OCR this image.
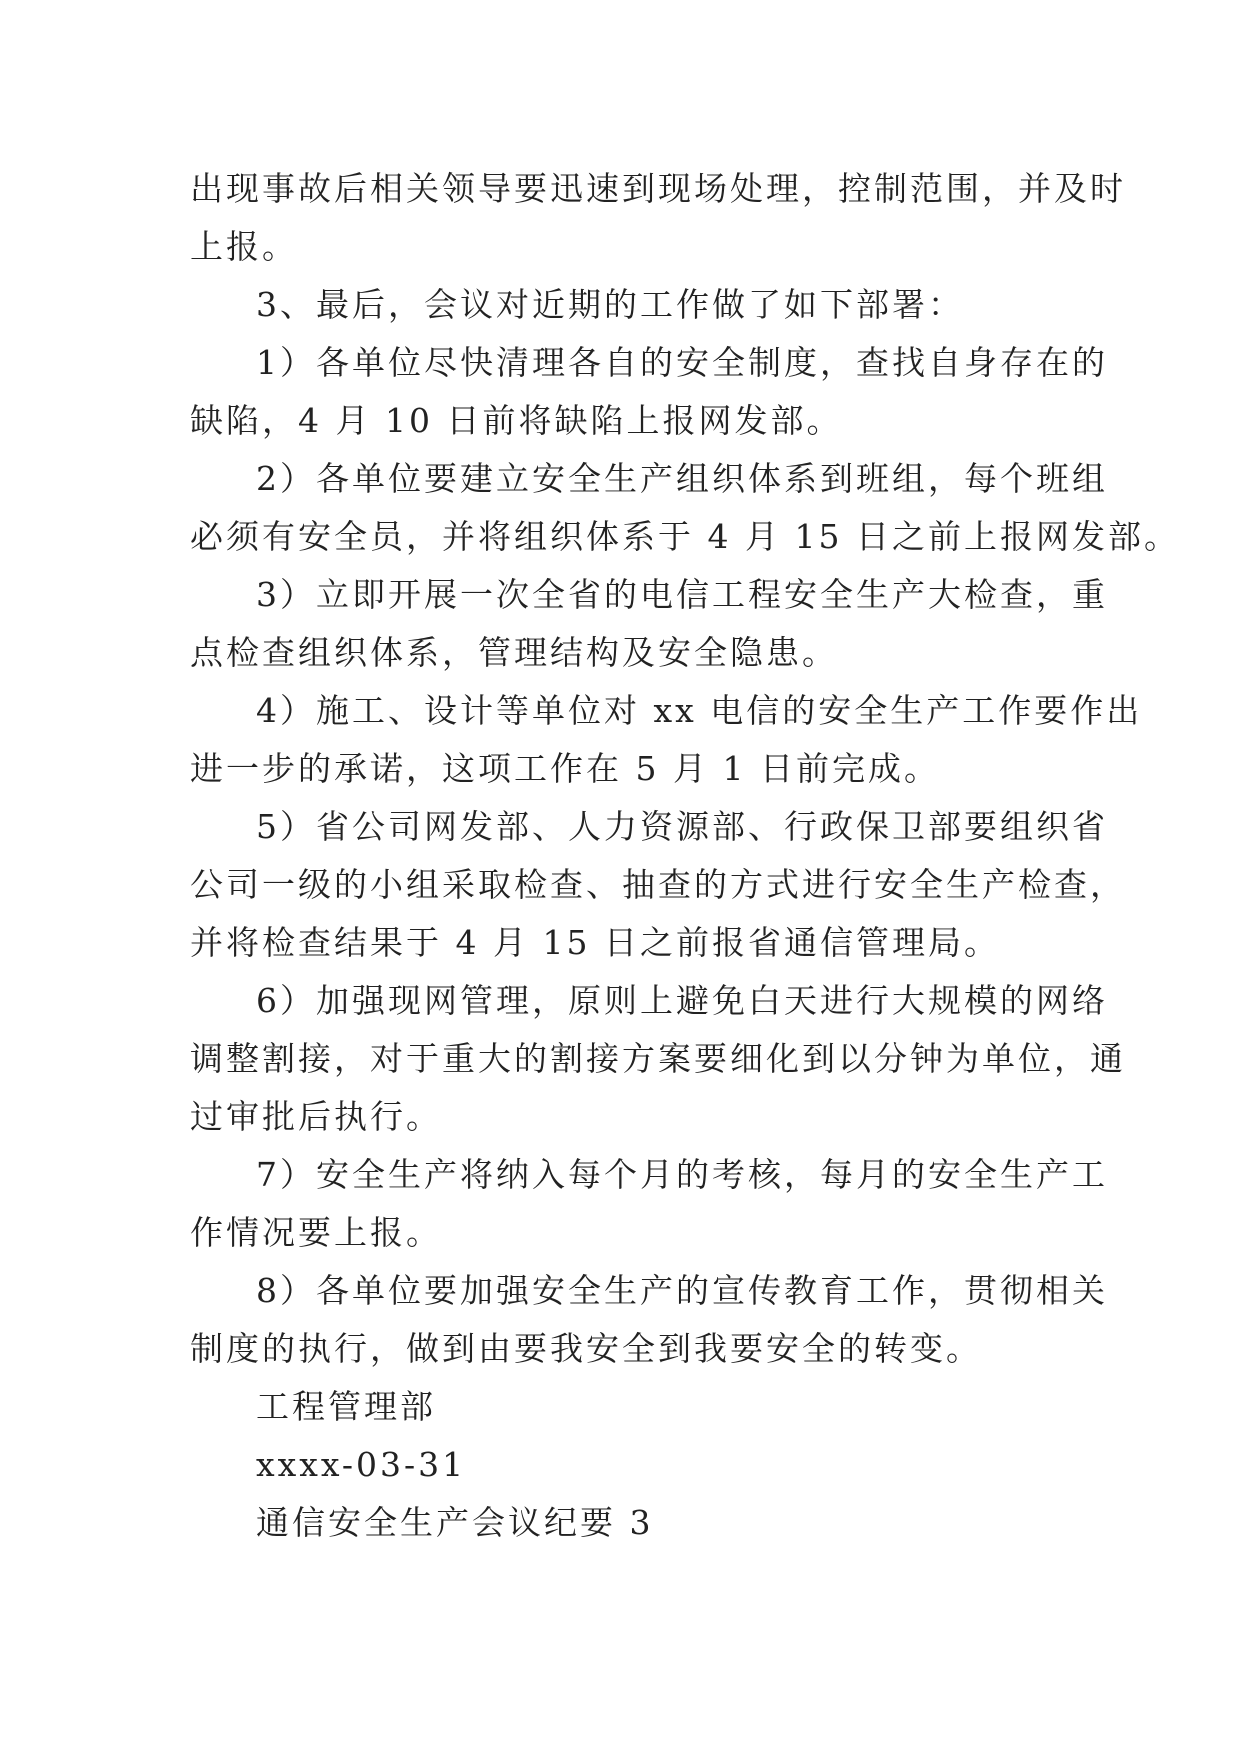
出现事故后相关领导要迅速到现场处理，控制范围，并及时
上报。
3、最后，会议对近期的工作做了如下部署：
1）各单位尽快清理各自的安全制度，查找自身存在的
缺陷，4 月 10 日前将缺陷上报网发部。
2）各单位要建立安全生产组织体系到班组，每个班组
必须有安全员，并将组织体系于 4 月 15 日之前上报网发部。
3）立即开展一次全省的电信工程安全生产大检查，重
点检查组织体系，管理结构及安全隐患。
4）施工、设计等单位对 xx 电信的安全生产工作要作出
进一步的承诺，这项工作在 5 月 1 日前完成。
5）省公司网发部、人力资源部、行政保卫部要组织省
公司一级的小组采取检查、抽查的方式进行安全生产检查，
并将检查结果于 4 月 15 日之前报省通信管理局。
6）加强现网管理，原则上避免白天进行大规模的网络
调整割接，对于重大的割接方案要细化到以分钟为单位，通
过审批后执行。
7）安全生产将纳入每个月的考核，每月的安全生产工
作情况要上报。
8）各单位要加强安全生产的宣传教育工作，贯彻相关
制度的执行，做到由要我安全到我要安全的转变。
工程管理部
xxxx-03-31
通信安全生产会议纪要 3
